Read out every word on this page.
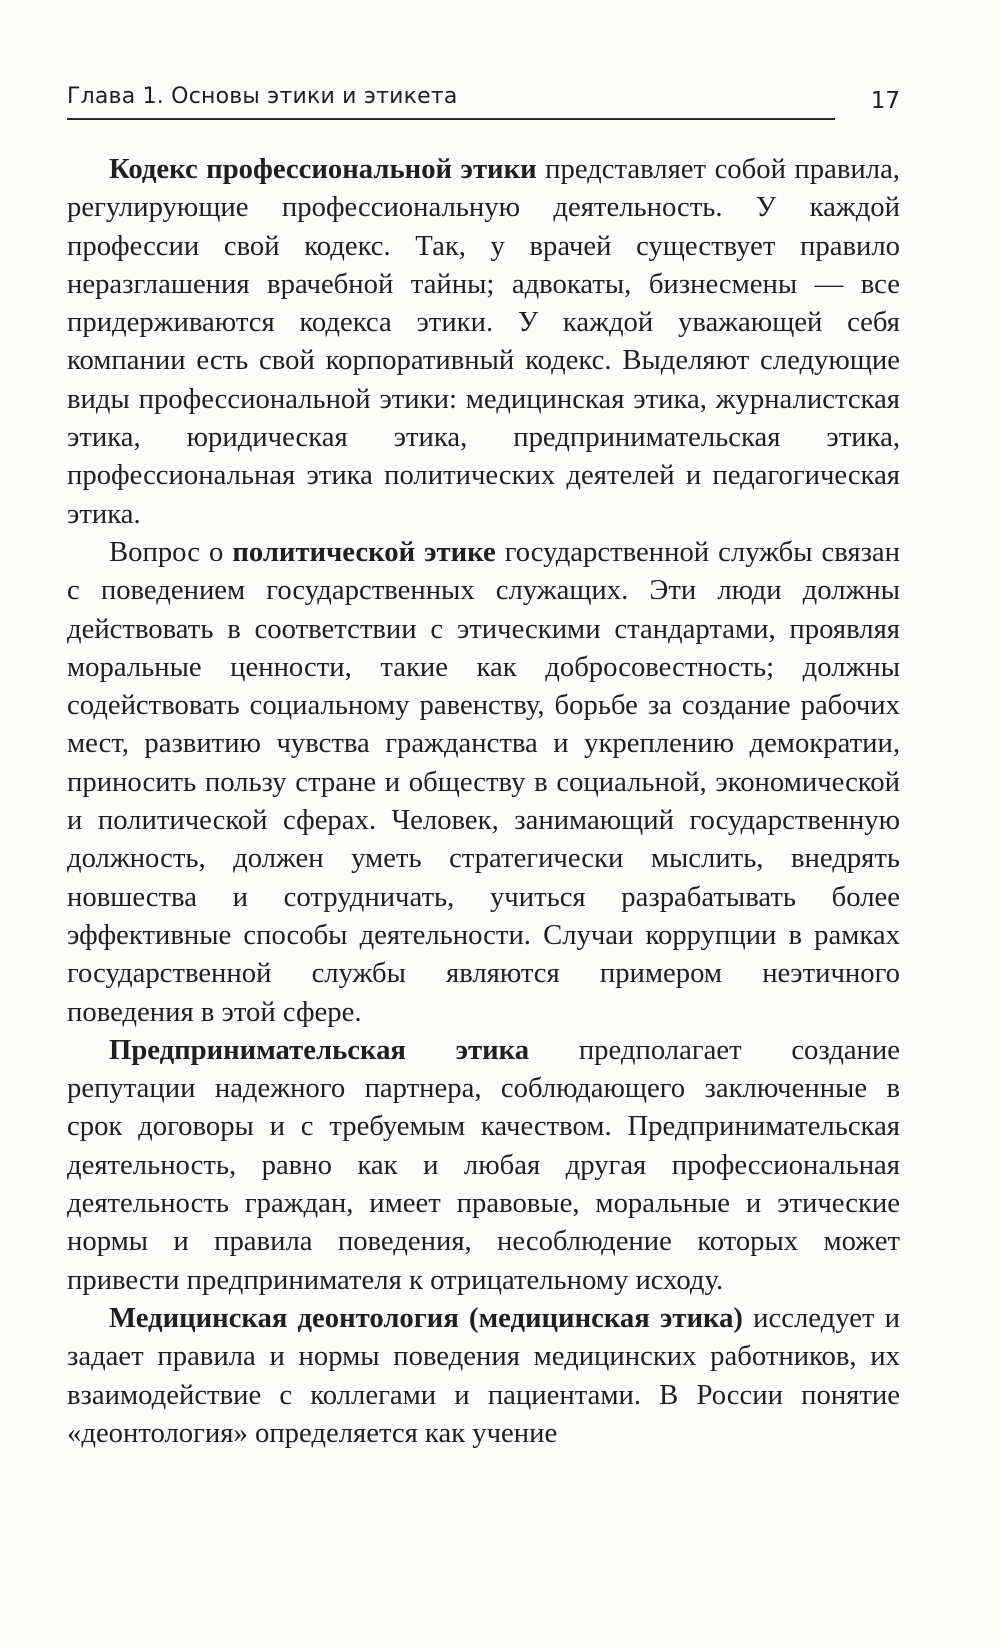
Глава 1. Основы этики и этикета	17

Кодекс профессиональной этики представляет собой правила, регулирующие профессиональную деятельность. У каждой профессии свой кодекс. Так, у врачей существует правило неразглашения врачебной тайны; адвокаты, бизнесмены — все придерживаются кодекса этики. У каждой уважающей себя компании есть свой корпоративный кодекс. Выделяют следующие виды профессиональной этики: медицинская этика, журналистская этика, юридическая этика, предпринимательская этика, профессиональная этика политических деятелей и педагогическая этика.

Вопрос о политической этике государственной службы связан с поведением государственных служащих. Эти люди должны действовать в соответствии с этическими стандартами, проявляя моральные ценности, такие как добросовестность; должны содействовать социальному равенству, борьбе за создание рабочих мест, развитию чувства гражданства и укреплению демократии, приносить пользу стране и обществу в социальной, экономической и политической сферах. Человек, занимающий государственную должность, должен уметь стратегически мыслить, внедрять новшества и сотрудничать, учиться разрабатывать более эффективные способы деятельности. Случаи коррупции в рамках государственной службы являются примером неэтичного поведения в этой сфере.

Предпринимательская этика предполагает создание репутации надежного партнера, соблюдающего заключенные в срок договоры и с требуемым качеством. Предпринимательская деятельность, равно как и любая другая профессиональная деятельность граждан, имеет правовые, моральные и этические нормы и правила поведения, несоблюдение которых может привести предпринимателя к отрицательному исходу.

Медицинская деонтология (медицинская этика) исследует и задает правила и нормы поведения медицинских работников, их взаимодействие с коллегами и пациентами. В России понятие «деонтология» определяется как учение
